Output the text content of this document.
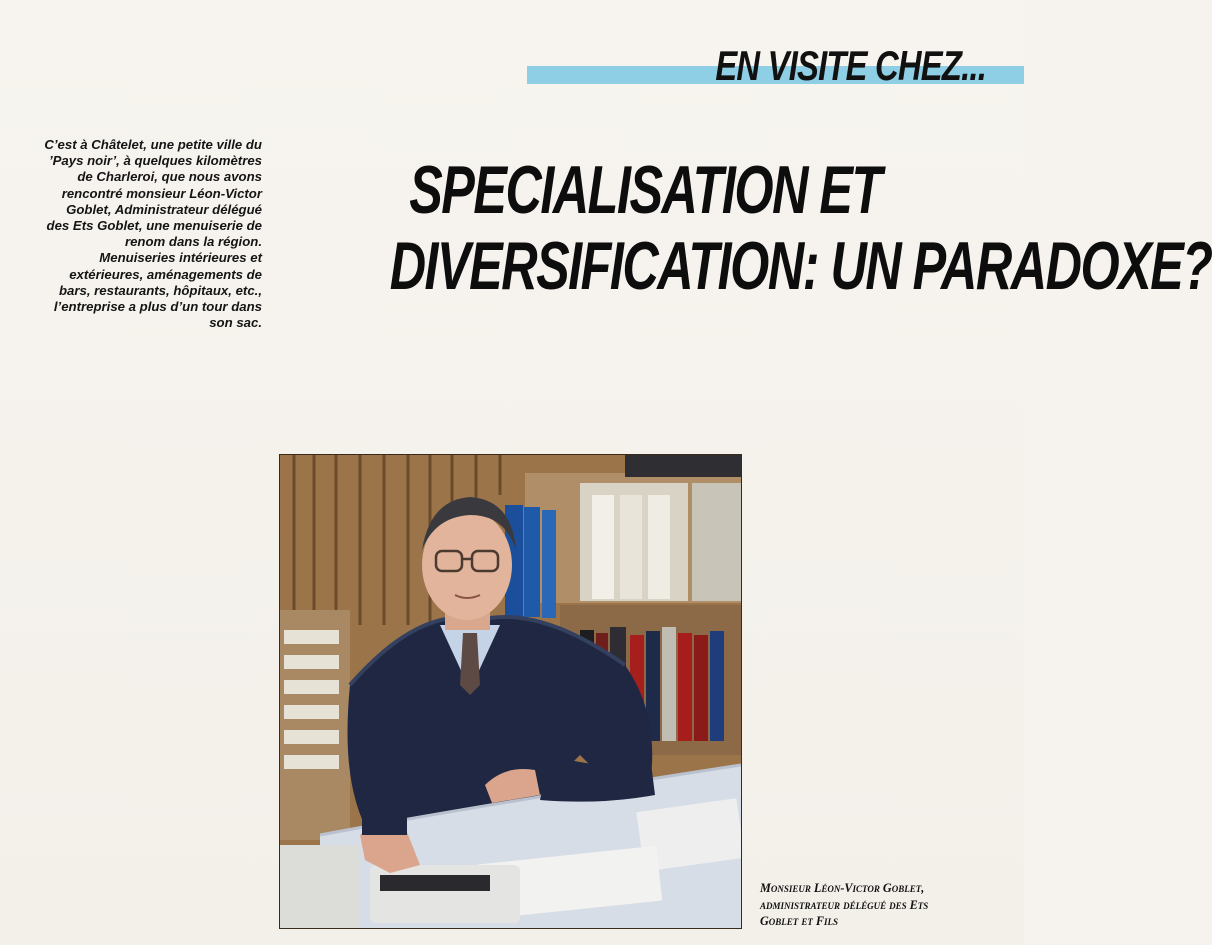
EN VISITE CHEZ...

C’est à Châtelet, une petite ville du ’Pays noir’, à quelques kilomètres de Charleroi, que nous avons rencontré monsieur Léon-Victor Goblet, Administrateur délégué des Ets Goblet, une menuiserie de renom dans la région.

Menuiseries intérieures et extérieures, aménagements de bars, restaurants, hôpitaux, etc., l’entreprise a plus d’un tour dans son sac.

SPECIALISATION ET
DIVERSIFICATION: UN PARADOXE?
Monsieur Léon-Victor Goblet,
administrateur délégué des Ets
Goblet et Fils
